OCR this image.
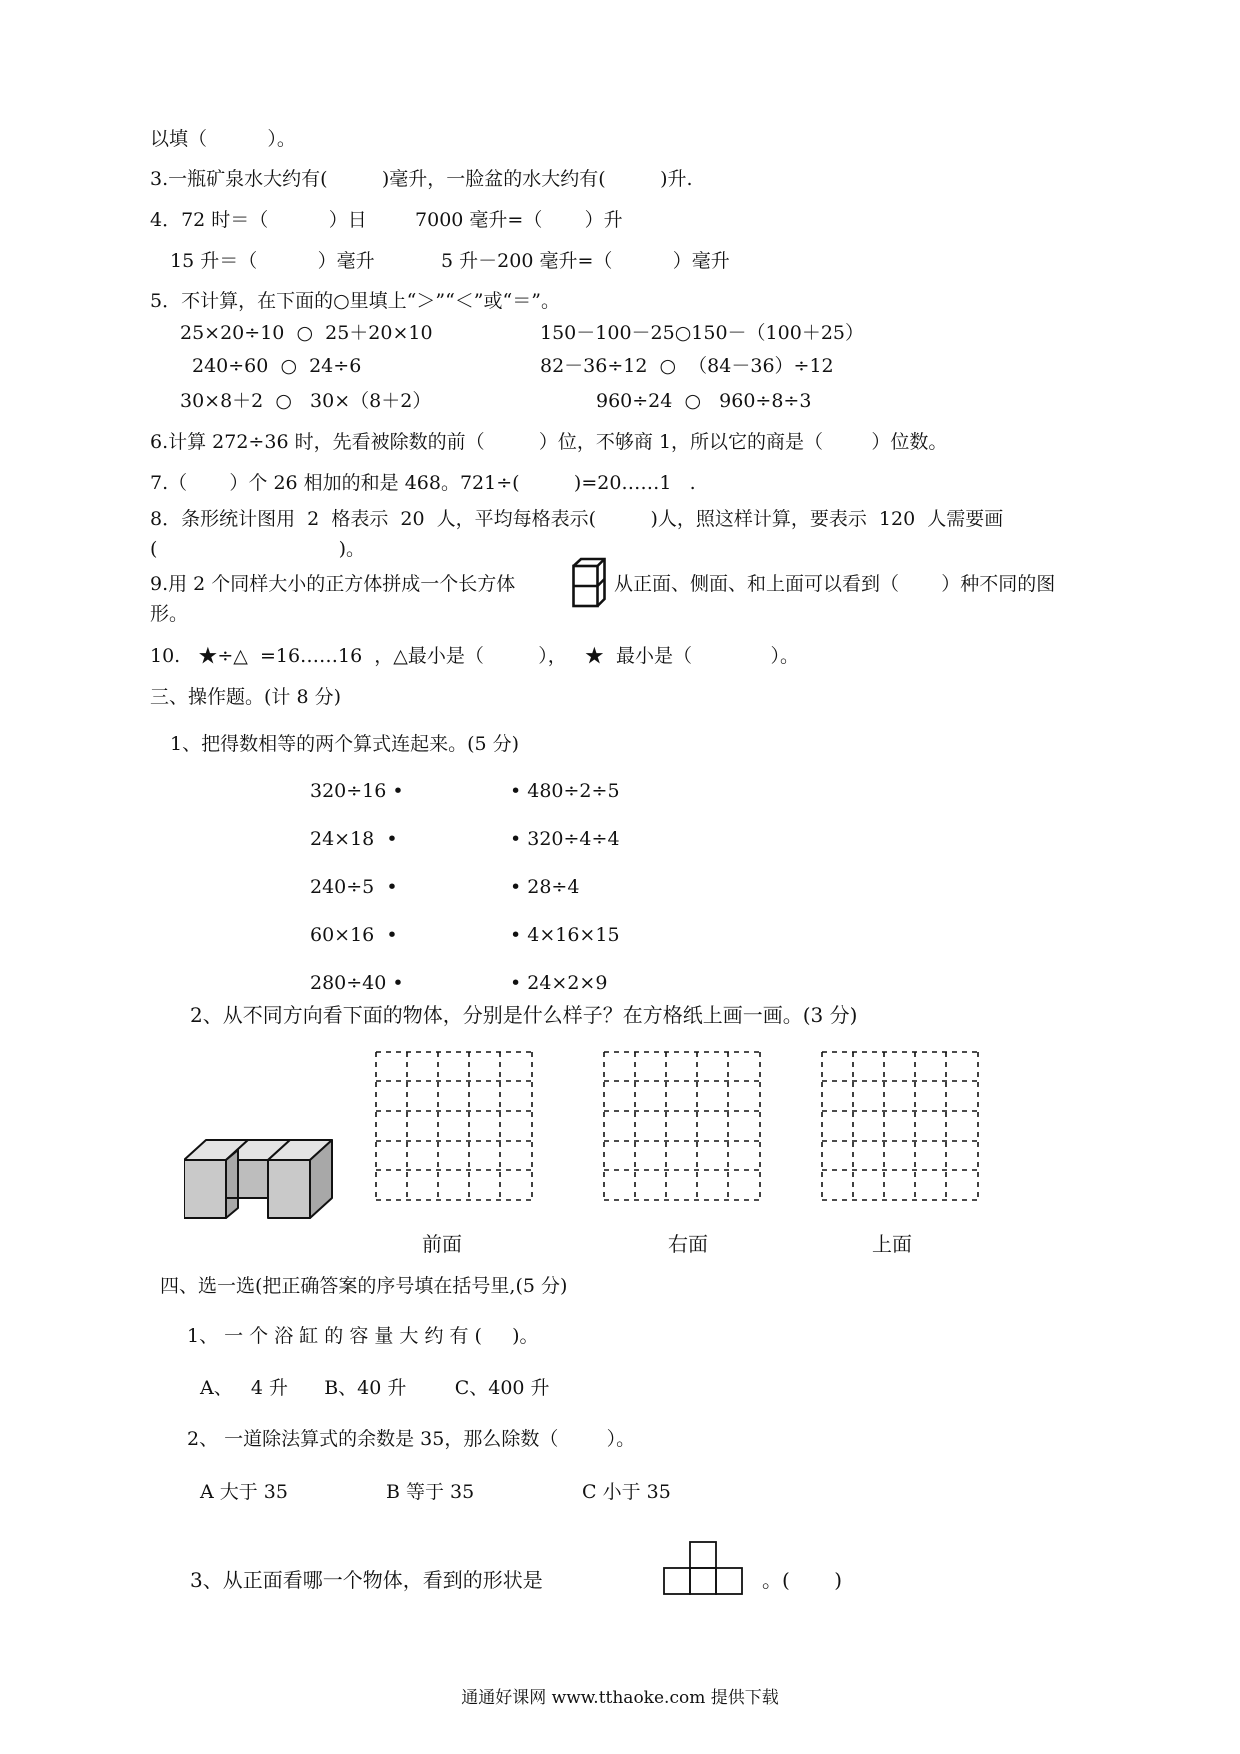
以填（          ）。
3.一瓶矿泉水大约有(         )毫升，一脸盆的水大约有(         )升.
4．72 时＝（          ）日        7000 毫升=（       ）升
15 升＝（          ）毫升           5 升－200 毫升=（          ）毫升
5．不计算，在下面的○里填上“＞”“＜”或“＝”。
25×20÷10  ○  25＋20×10	150－100－25○150－（100＋25）
240÷60  ○  24÷6	82－36÷12  ○  （84－36）÷12
30×8＋2  ○   30×（8＋2）	960÷24  ○   960÷8÷3
6.计算 272÷36 时，先看被除数的前（         ）位，不够商 1，所以它的商是（        ）位数。
7.（       ）个 26 相加的和是 468。721÷(         )=20……1   .
8．条形统计图用  2  格表示  20  人，平均每格表示(         )人，照这样计算，要表示  120  人需要画
(                              )。
9.用 2 个同样大小的正方体拼成一个长方体	从正面、侧面、和上面可以看到（       ）种不同的图
形。
10.   ★÷△  =16……16  ，△最小是（         ），   ★  最小是（             ）。
三、操作题。(计 8 分)
1、把得数相等的两个算式连起来。(5 分)
320÷16 •	• 480÷2÷5
24×18  •	• 320÷4÷4
240÷5  •	• 28÷4
60×16  •	• 4×16×15
280÷40 •	• 24×2×9
2、从不同方向看下面的物体，分别是什么样子？在方格纸上画一画。(3 分)
前面	右面	上面
四、选一选(把正确答案的序号填在括号里,(5 分)
1、 一 个 浴 缸 的 容 量 大 约 有 (     )。
A、   4 升      B、40 升        C、400 升
2、 一道除法算式的余数是 35，那么除数（        ）。
A 大于 35	B 等于 35	C 小于 35
3、从正面看哪一个物体，看到的形状是	。(       )
通通好课网 www.tthaoke.com 提供下载
